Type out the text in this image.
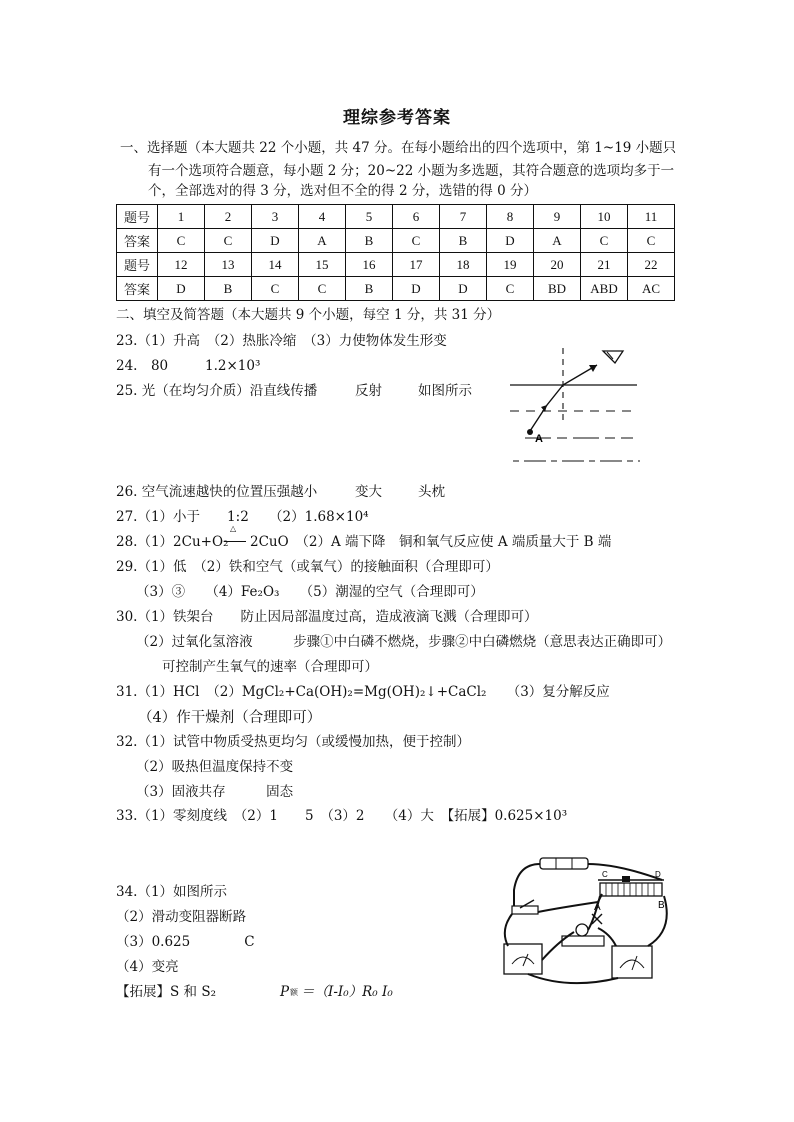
理综参考答案
一、选择题（本大题共 22 个小题，共 47 分。在每小题给出的四个选项中，第 1~19 小题只
有一个选项符合题意，每小题 2 分；20~22 小题为多选题，其符合题意的选项均多于一
个，全部选对的得 3 分，选对但不全的得 2 分，选错的得 0 分）
题号	1	2	3	4	5	6	7	8	9	10	11
答案	C	C	D	A	B	C	B	D	A	C	C
题号	12	13	14	15	16	17	18	19	20	21	22
答案	D	B	C	C	B	D	D	C	BD	ABD	AC
二、填空及简答题（本大题共 9 个小题，每空 1 分，共 31 分）
23.（1）升高　（2）热胀冷缩　（3）力使物体发生形变
24.　80	1.2×10³
25. 光（在均匀介质）沿直线传播	反射	如图所示
A
26. 空气流速越快的位置压强越小	变大	头枕
27.（1）小于　　1:2　　（2）1.68×10⁴
28.（1）2Cu+O₂
△
2CuO　（2）A 端下降　铜和氧气反应使 A 端质量大于 B 端
29.（1）低　（2）铁和空气（或氧气）的接触面积（合理即可）
（3）③　　（4）Fe₂O₃　　（5）潮湿的空气（合理即可）
30.（1）铁架台　　防止因局部温度过高，造成液滴飞溅（合理即可）
（2）过氧化氢溶液　　　步骤①中白磷不燃烧，步骤②中白磷燃烧（意思表达正确即可）
可控制产生氧气的速率（合理即可）
31.（1）HCl　（2）MgCl₂+Ca(OH)₂=Mg(OH)₂↓+CaCl₂　　（3）复分解反应
（4）作干燥剂（合理即可）
32.（1）试管中物质受热更均匀（或缓慢加热，便于控制）
（2）吸热但温度保持不变
（3）固液共存　　　固态
33.（1）零刻度线　（2）1　　5　（3）2　　（4）大　【拓展】0.625×10³
34.（1）如图所示
（2）滑动变阻器断路
（3）0.625　　　　C
（4）变亮
【拓展】S 和 S₂	P 额 ＝（I-I₀）R₀ I₀
C	D
A	B
